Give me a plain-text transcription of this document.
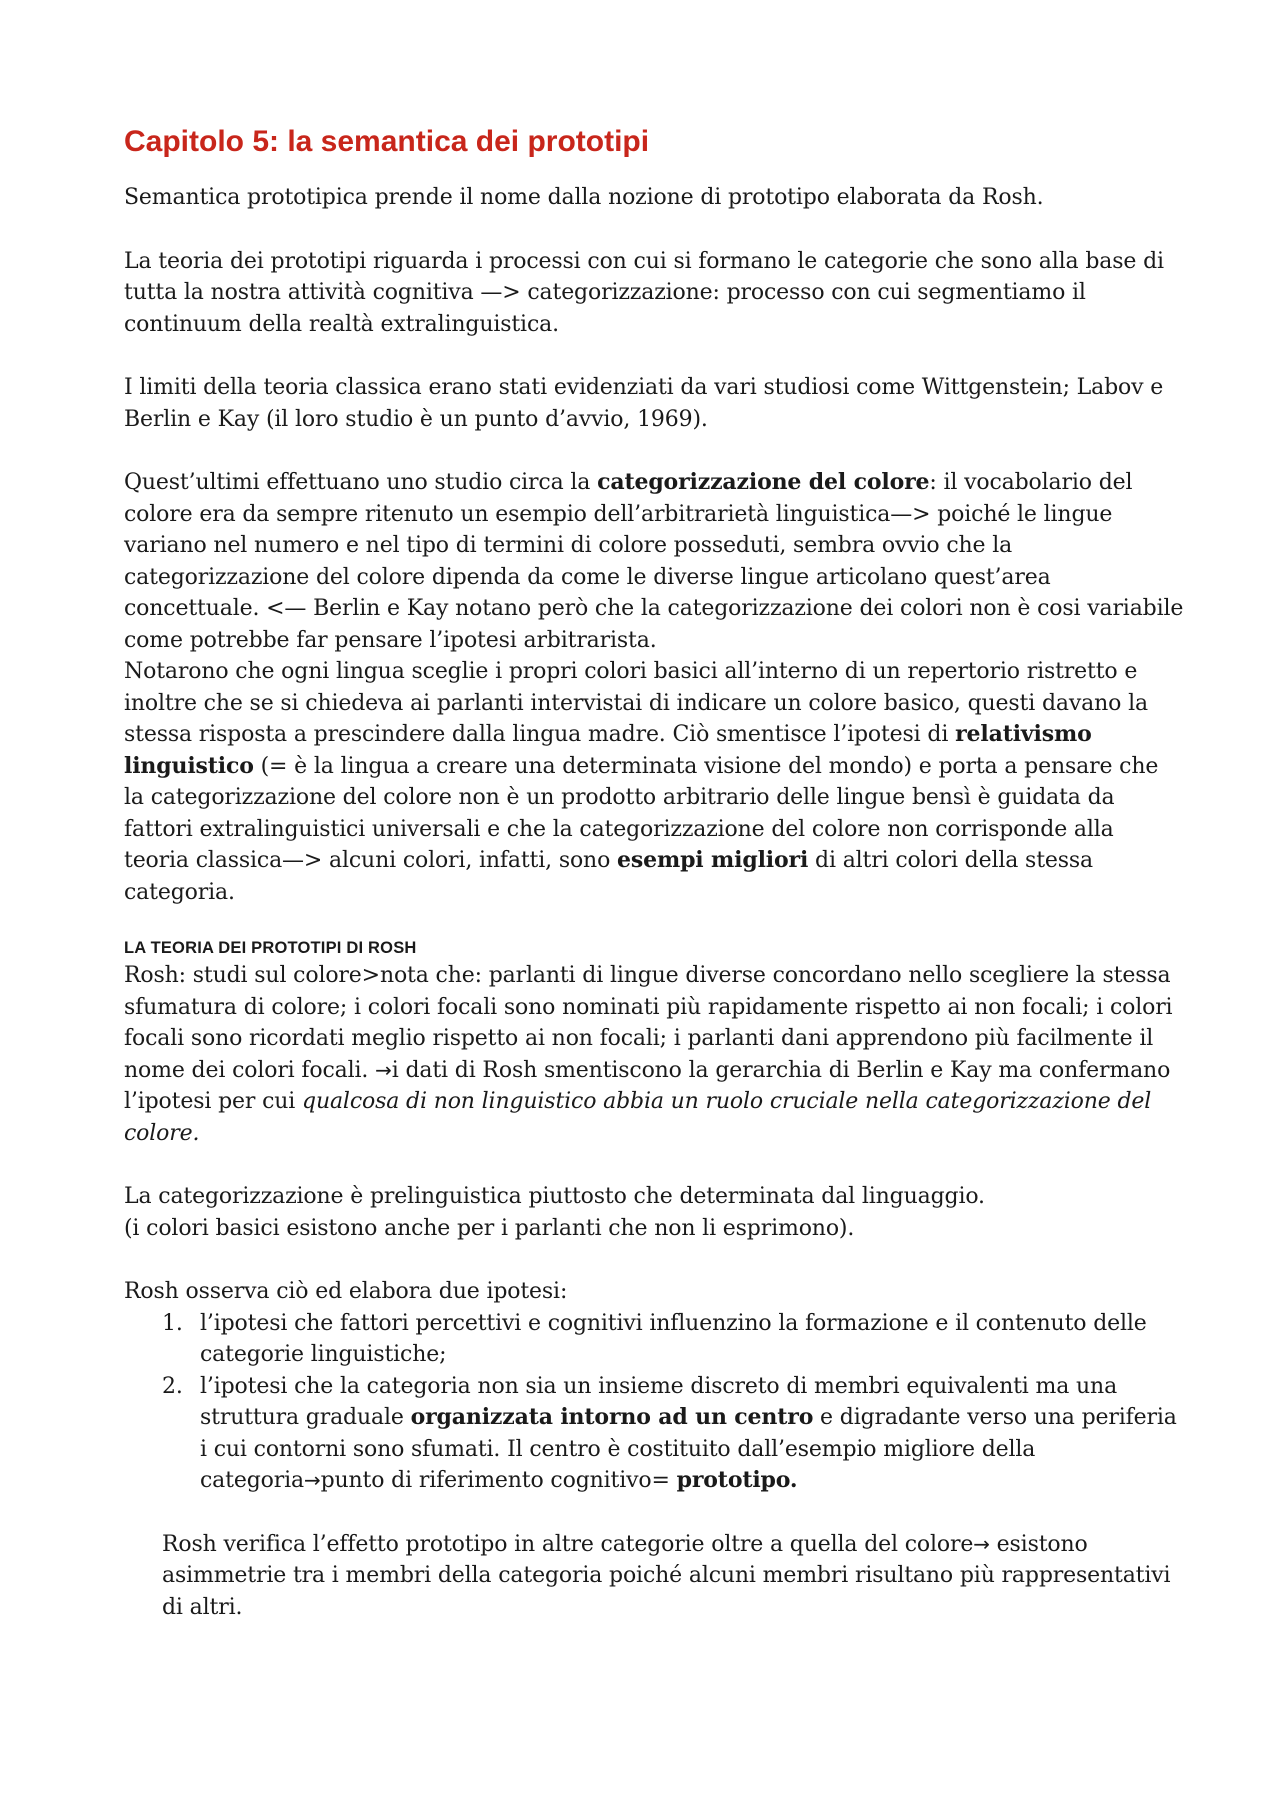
Capitolo 5: la semantica dei prototipi

Semantica prototipica prende il nome dalla nozione di prototipo elaborata da Rosh.

La teoria dei prototipi riguarda i processi con cui si formano le categorie che sono alla base di tutta la nostra attività cognitiva —> categorizzazione: processo con cui segmentiamo il continuum della realtà extralinguistica.

I limiti della teoria classica erano stati evidenziati da vari studiosi come Wittgenstein; Labov e Berlin e Kay (il loro studio è un punto d’avvio, 1969).

Quest’ultimi effettuano uno studio circa la categorizzazione del colore: il vocabolario del colore era da sempre ritenuto un esempio dell’arbitrarietà linguistica—> poiché le lingue variano nel numero e nel tipo di termini di colore posseduti, sembra ovvio che la categorizzazione del colore dipenda da come le diverse lingue articolano quest’area concettuale. <— Berlin e Kay notano però che la categorizzazione dei colori non è cosi variabile come potrebbe far pensare l’ipotesi arbitrarista.

Notarono che ogni lingua sceglie i propri colori basici all’interno di un repertorio ristretto e inoltre che se si chiedeva ai parlanti intervistai di indicare un colore basico, questi davano la stessa risposta a prescindere dalla lingua madre. Ciò smentisce l’ipotesi di relativismo linguistico (= è la lingua a creare una determinata visione del mondo) e porta a pensare che la categorizzazione del colore non è un prodotto arbitrario delle lingue bensì è guidata da fattori extralinguistici universali e che la categorizzazione del colore non corrisponde alla teoria classica—> alcuni colori, infatti, sono esempi migliori di altri colori della stessa categoria.

LA TEORIA DEI PROTOTIPI DI ROSH

Rosh: studi sul colore>nota che: parlanti di lingue diverse concordano nello scegliere la stessa sfumatura di colore; i colori focali sono nominati più rapidamente rispetto ai non focali; i colori focali sono ricordati meglio rispetto ai non focali; i parlanti dani apprendono più facilmente il nome dei colori focali. →i dati di Rosh smentiscono la gerarchia di Berlin e Kay ma confermano l’ipotesi per cui qualcosa di non linguistico abbia un ruolo cruciale nella categorizzazione del colore.

La categorizzazione è prelinguistica piuttosto che determinata dal linguaggio.
(i colori basici esistono anche per i parlanti che non li esprimono).

Rosh osserva ciò ed elabora due ipotesi:

1. l’ipotesi che fattori percettivi e cognitivi influenzino la formazione e il contenuto delle categorie linguistiche;
2. l’ipotesi che la categoria non sia un insieme discreto di membri equivalenti ma una struttura graduale organizzata intorno ad un centro e digradante verso una periferia i cui contorni sono sfumati. Il centro è costituito dall’esempio migliore della categoria→punto di riferimento cognitivo= prototipo.

Rosh verifica l’effetto prototipo in altre categorie oltre a quella del colore→ esistono asimmetrie tra i membri della categoria poiché alcuni membri risultano più rappresentativi di altri.
